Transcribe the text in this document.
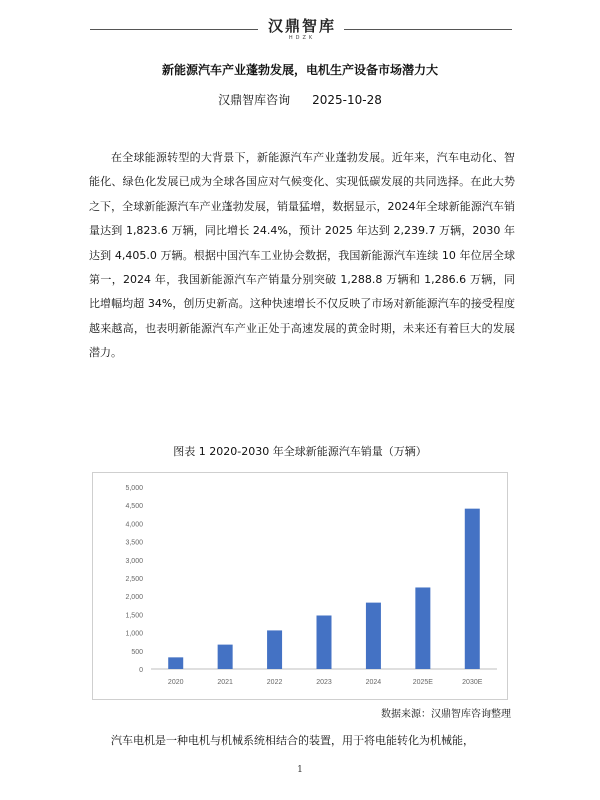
汉鼎智库
HDZK
新能源汽车产业蓬勃发展，电机生产设备市场潜力大
汉鼎智库咨询 2025-10-28

在全球能源转型的大背景下，新能源汽车产业蓬勃发展。近年来，汽车电动化、智能化、绿色化发展已成为全球各国应对气候变化、实现低碳发展的共同选择。在此大势之下，全球新能源汽车产业蓬勃发展，销量猛增，数据显示，2024年全球新能源汽车销量达到 1,823.6 万辆，同比增长 24.4%，预计 2025 年达到 2,239.7 万辆，2030 年达到 4,405.0 万辆。根据中国汽车工业协会数据，我国新能源汽车连续 10 年位居全球第一，2024 年，我国新能源汽车产销量分别突破 1,288.8 万辆和 1,286.6 万辆，同比增幅均超 34%，创历史新高。这种快速增长不仅反映了市场对新能源汽车的接受程度越来越高，也表明新能源汽车产业正处于高速发展的黄金时期，未来还有着巨大的发展潜力。

图表 1 2020-2030 年全球新能源汽车销量（万辆）
0
500
1,000
1,500
2,000
2,500
3,000
3,500
4,000
4,500
5,000
2020	2021	2022	2023	2024	2025E	2030E
数据来源：汉鼎智库咨询整理

汽车电机是一种电机与机械系统相结合的装置，用于将电能转化为机械能，

1
